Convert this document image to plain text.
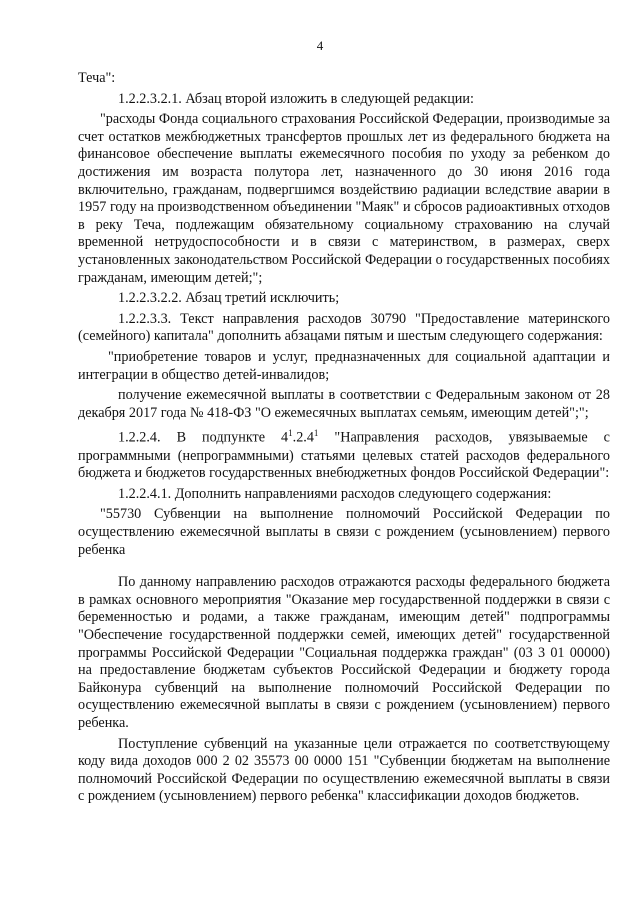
4

Теча":

1.2.2.3.2.1. Абзац второй изложить в следующей редакции:

"расходы Фонда социального страхования Российской Федерации, производимые за счет остатков межбюджетных трансфертов прошлых лет из федерального бюджета на финансовое обеспечение выплаты ежемесячного пособия по уходу за ребенком до достижения им возраста полутора лет, назначенного до 30 июня 2016 года включительно, гражданам, подвергшимся воздействию радиации вследствие аварии в 1957 году на производственном объединении "Маяк" и сбросов радиоактивных отходов в реку Теча, подлежащим обязательному социальному страхованию на случай временной нетрудоспособности и в связи с материнством, в размерах, сверх установленных законодательством Российской Федерации о государственных пособиях гражданам, имеющим детей;";

1.2.2.3.2.2. Абзац третий исключить;

1.2.2.3.3. Текст направления расходов 30790 "Предоставление материнского (семейного) капитала" дополнить абзацами пятым и шестым следующего содержания:

"приобретение товаров и услуг, предназначенных для социальной адаптации и интеграции в общество детей-инвалидов;

получение ежемесячной выплаты в соответствии с Федеральным законом от 28 декабря 2017 года № 418-ФЗ "О ежемесячных выплатах семьям, имеющим детей";";

1.2.2.4. В подпункте $4^1.2.4^1$ "Направления расходов, увязываемые с программными (непрограммными) статьями целевых статей расходов федерального бюджета и бюджетов государственных внебюджетных фондов Российской Федерации":

1.2.2.4.1. Дополнить направлениями расходов следующего содержания:

"55730 Субвенции на выполнение полномочий Российской Федерации по осуществлению ежемесячной выплаты в связи с рождением (усыновлением) первого ребенка

По данному направлению расходов отражаются расходы федерального бюджета в рамках основного мероприятия "Оказание мер государственной поддержки в связи с беременностью и родами, а также гражданам, имеющим детей" подпрограммы "Обеспечение государственной поддержки семей, имеющих детей" государственной программы Российской Федерации "Социальная поддержка граждан" (03 3 01 00000) на предоставление бюджетам субъектов Российской Федерации и бюджету города Байконура субвенций на выполнение полномочий Российской Федерации по осуществлению ежемесячной выплаты в связи с рождением (усыновлением) первого ребенка.

Поступление субвенций на указанные цели отражается по соответствующему коду вида доходов 000 2 02 35573 00 0000 151 "Субвенции бюджетам на выполнение полномочий Российской Федерации по осуществлению ежемесячной выплаты в связи с рождением (усыновлением) первого ребенка" классификации доходов бюджетов.
